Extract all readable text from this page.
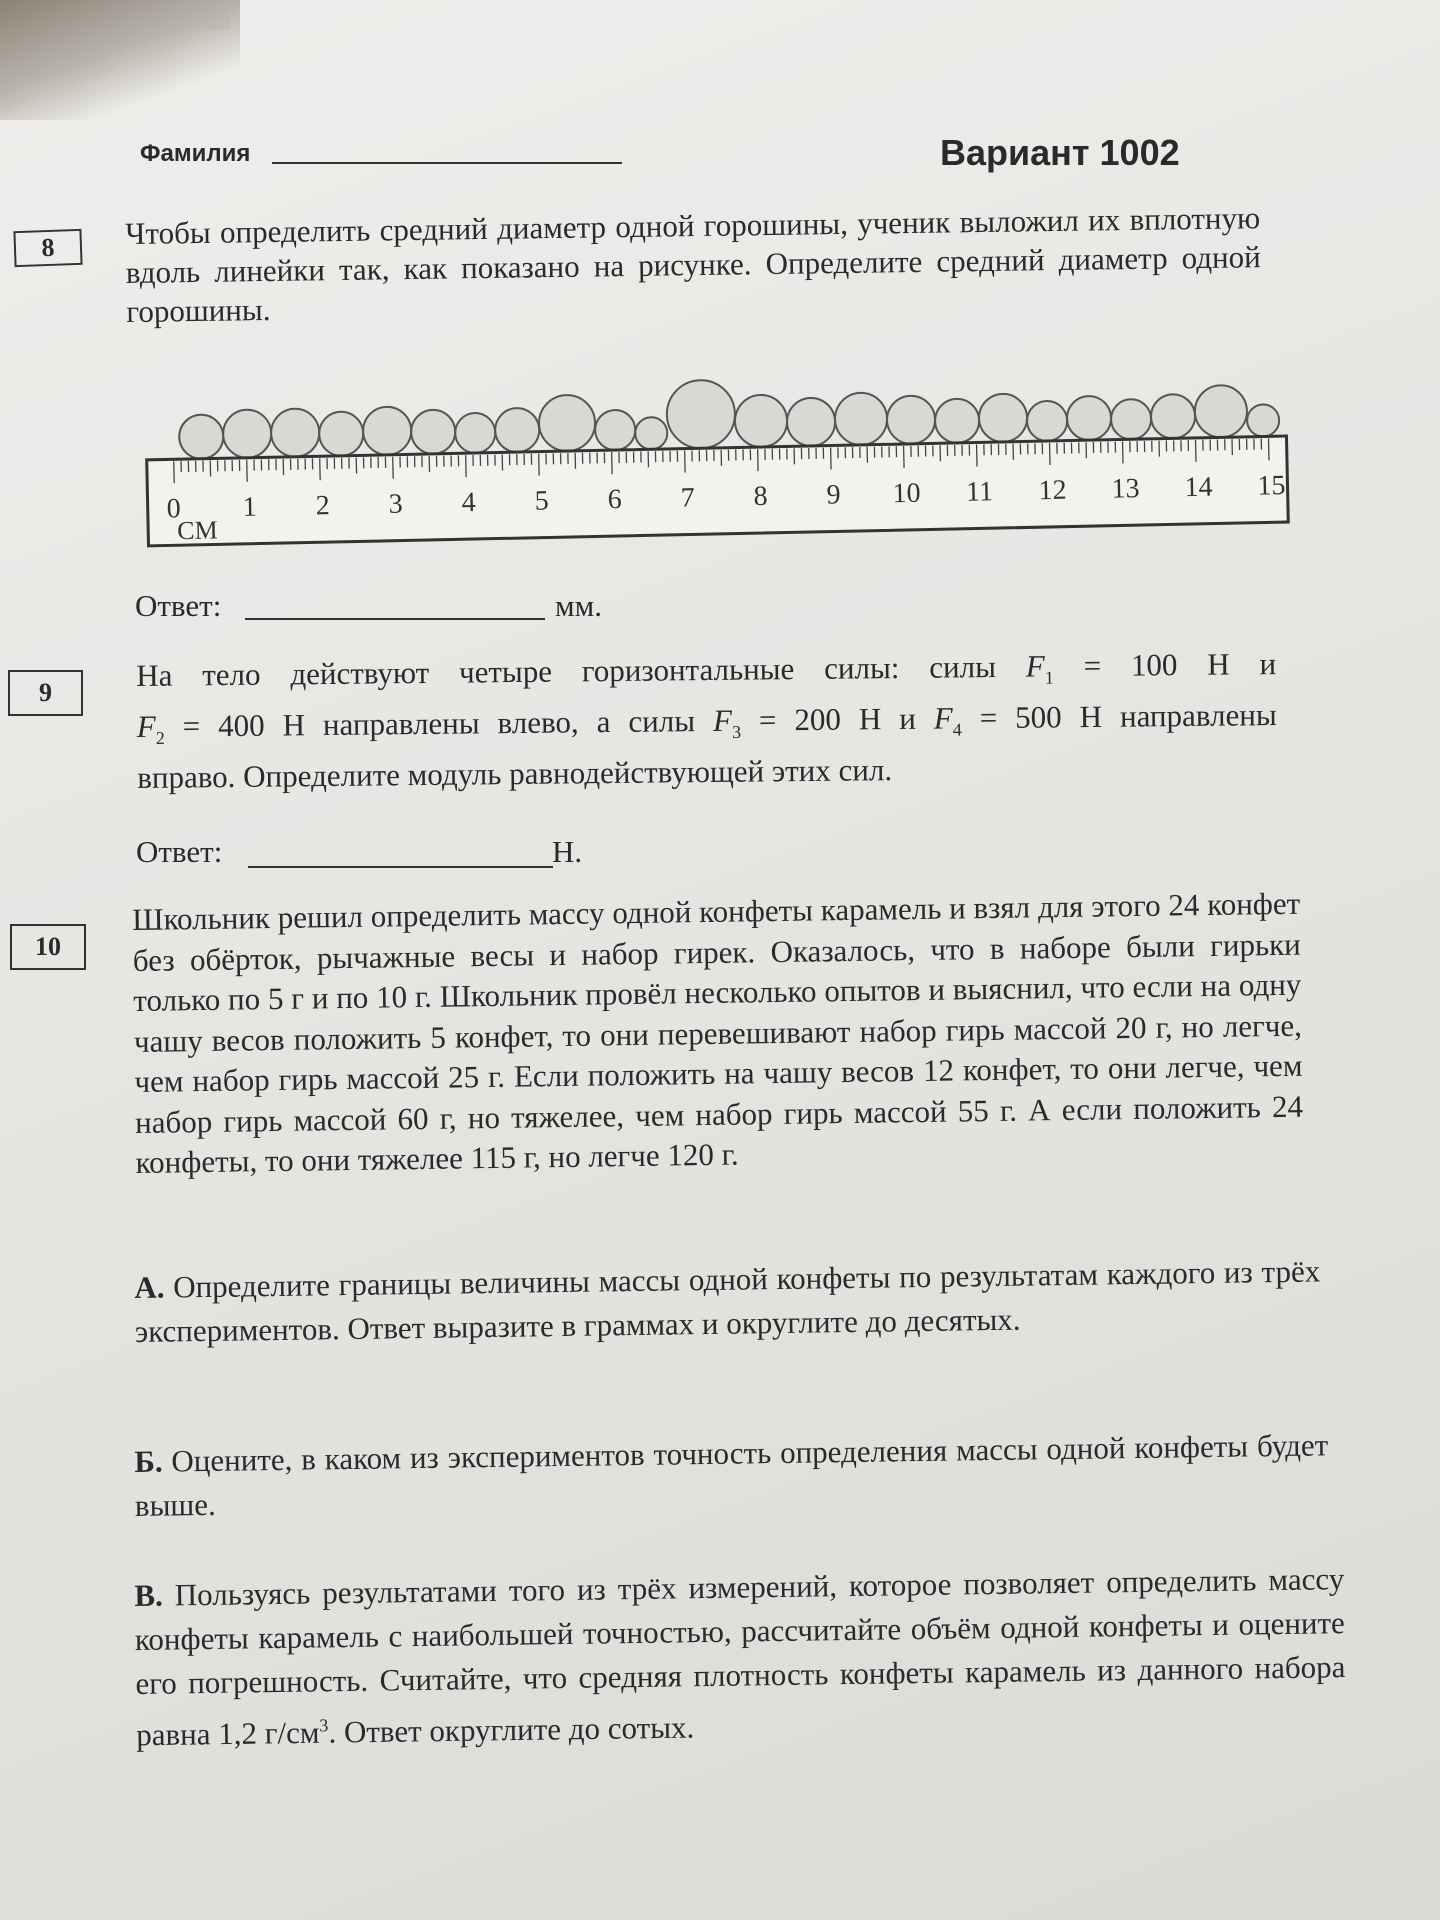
Фамилия	Вариант 1002
8	Чтобы определить средний диаметр одной горошины, ученик выложил их вплотную вдоль линейки так, как показано на рисунке. Определите средний диаметр одной горошины.
0 1 2 3 4 5 6 7 8 9 10 11 12 13 14 15
СМ
Ответ:	мм.
9	На тело действуют четыре горизонтальные силы: силы $F_1 = 100$ Н и
$F_2 = 400$ Н направлены влево, а силы $F_3 = 200$ Н и $F_4 = 500$ Н направлены
вправо. Определите модуль равнодействующей этих сил.
Ответ:	Н.
10
Школьник решил определить массу одной конфеты карамель и взял для этого 24 конфет без обёрток, рычажные весы и набор гирек. Оказалось, что в наборе были гирьки только по 5 г и по 10 г. Школьник провёл несколько опытов и выяснил, что если на одну чашу весов положить 5 конфет, то они перевешивают набор гирь массой 20 г, но легче, чем набор гирь массой 25 г. Если положить на чашу весов 12 конфет, то они легче, чем набор гирь массой 60 г, но тяжелее, чем набор гирь массой 55 г. А если положить 24 конфеты, то они тяжелее 115 г, но легче 120 г.
А. Определите границы величины массы одной конфеты по результатам каждого из трёх экспериментов. Ответ выразите в граммах и округлите до десятых.
Б. Оцените, в каком из экспериментов точность определения массы одной конфеты будет выше.
В. Пользуясь результатами того из трёх измерений, которое позволяет определить массу конфеты карамель с наибольшей точностью, рассчитайте объём одной конфеты и оцените его погрешность. Считайте, что средняя плотность конфеты карамель из данного набора равна 1,2 $г/см^3$. Ответ округлите до сотых.
